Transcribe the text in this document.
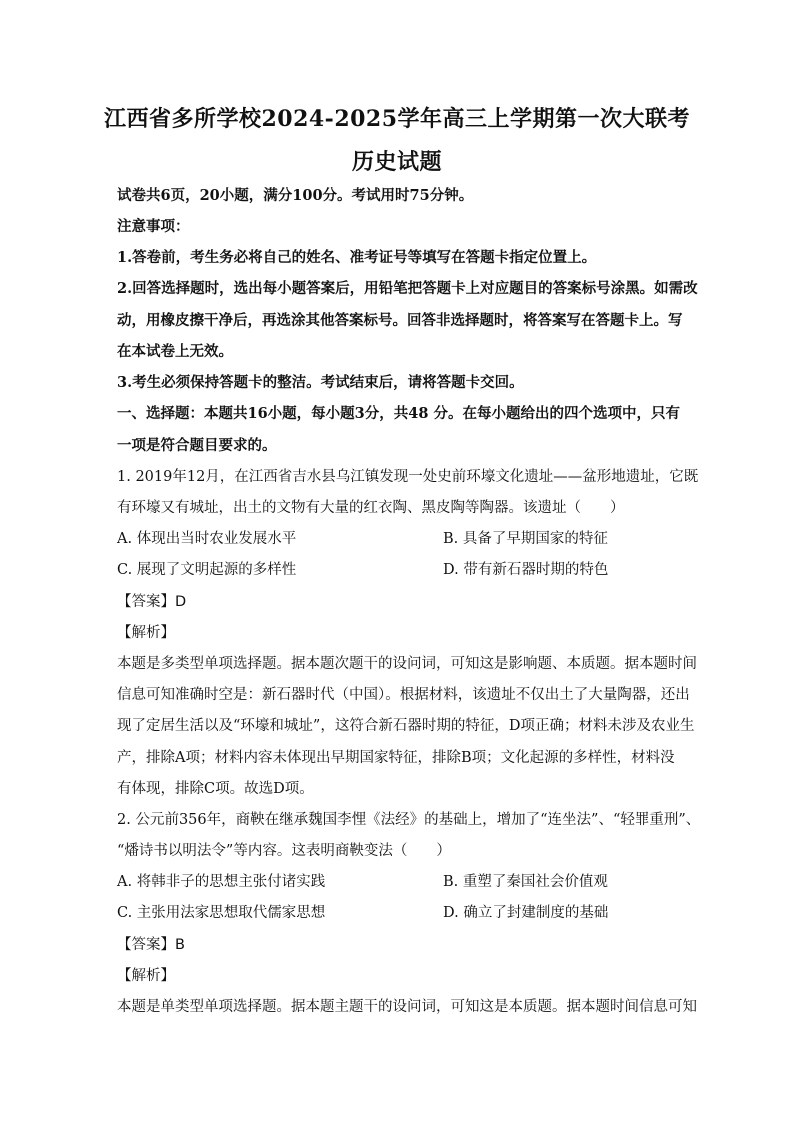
江西省多所学校2024-2025学年高三上学期第一次大联考
历史试题
试卷共6页，20小题，满分100分。考试用时75分钟。
注意事项：
1.答卷前，考生务必将自己的姓名、准考证号等填写在答题卡指定位置上。
2.回答选择题时，选出每小题答案后，用铅笔把答题卡上对应题目的答案标号涂黑。如需改
动，用橡皮擦干净后，再选涂其他答案标号。回答非选择题时，将答案写在答题卡上。写
在本试卷上无效。
3.考生必须保持答题卡的整洁。考试结束后，请将答题卡交回。
一、选择题：本题共16小题，每小题3分，共48 分。在每小题给出的四个选项中，只有
一项是符合题目要求的。
1. 2019年12月，在江西省吉水县乌江镇发现一处史前环壕文化遗址——盆形地遗址，它既
有环壕又有城址，出土的文物有大量的红衣陶、黑皮陶等陶器。该遗址（　　）
A. 体现出当时农业发展水平	B. 具备了早期国家的特征
C. 展现了文明起源的多样性	D. 带有新石器时期的特色
【答案】D
【解析】
本题是多类型单项选择题。据本题次题干的设问词，可知这是影响题、本质题。据本题时间
信息可知准确时空是：新石器时代（中国）。根据材料，该遗址不仅出土了大量陶器，还出
现了定居生活以及“环壕和城址”，这符合新石器时期的特征，D项正确；材料未涉及农业生
产，排除A项；材料内容未体现出早期国家特征，排除B项；文化起源的多样性，材料没
有体现，排除C项。故选D项。
2. 公元前356年，商鞅在继承魏国李悝《法经》的基础上，增加了“连坐法”、“轻罪重刑”、
“燔诗书以明法令”等内容。这表明商鞅变法（　　）
A. 将韩非子的思想主张付诸实践	B. 重塑了秦国社会价值观
C. 主张用法家思想取代儒家思想	D. 确立了封建制度的基础
【答案】B
【解析】
本题是单类型单项选择题。据本题主题干的设问词，可知这是本质题。据本题时间信息可知
